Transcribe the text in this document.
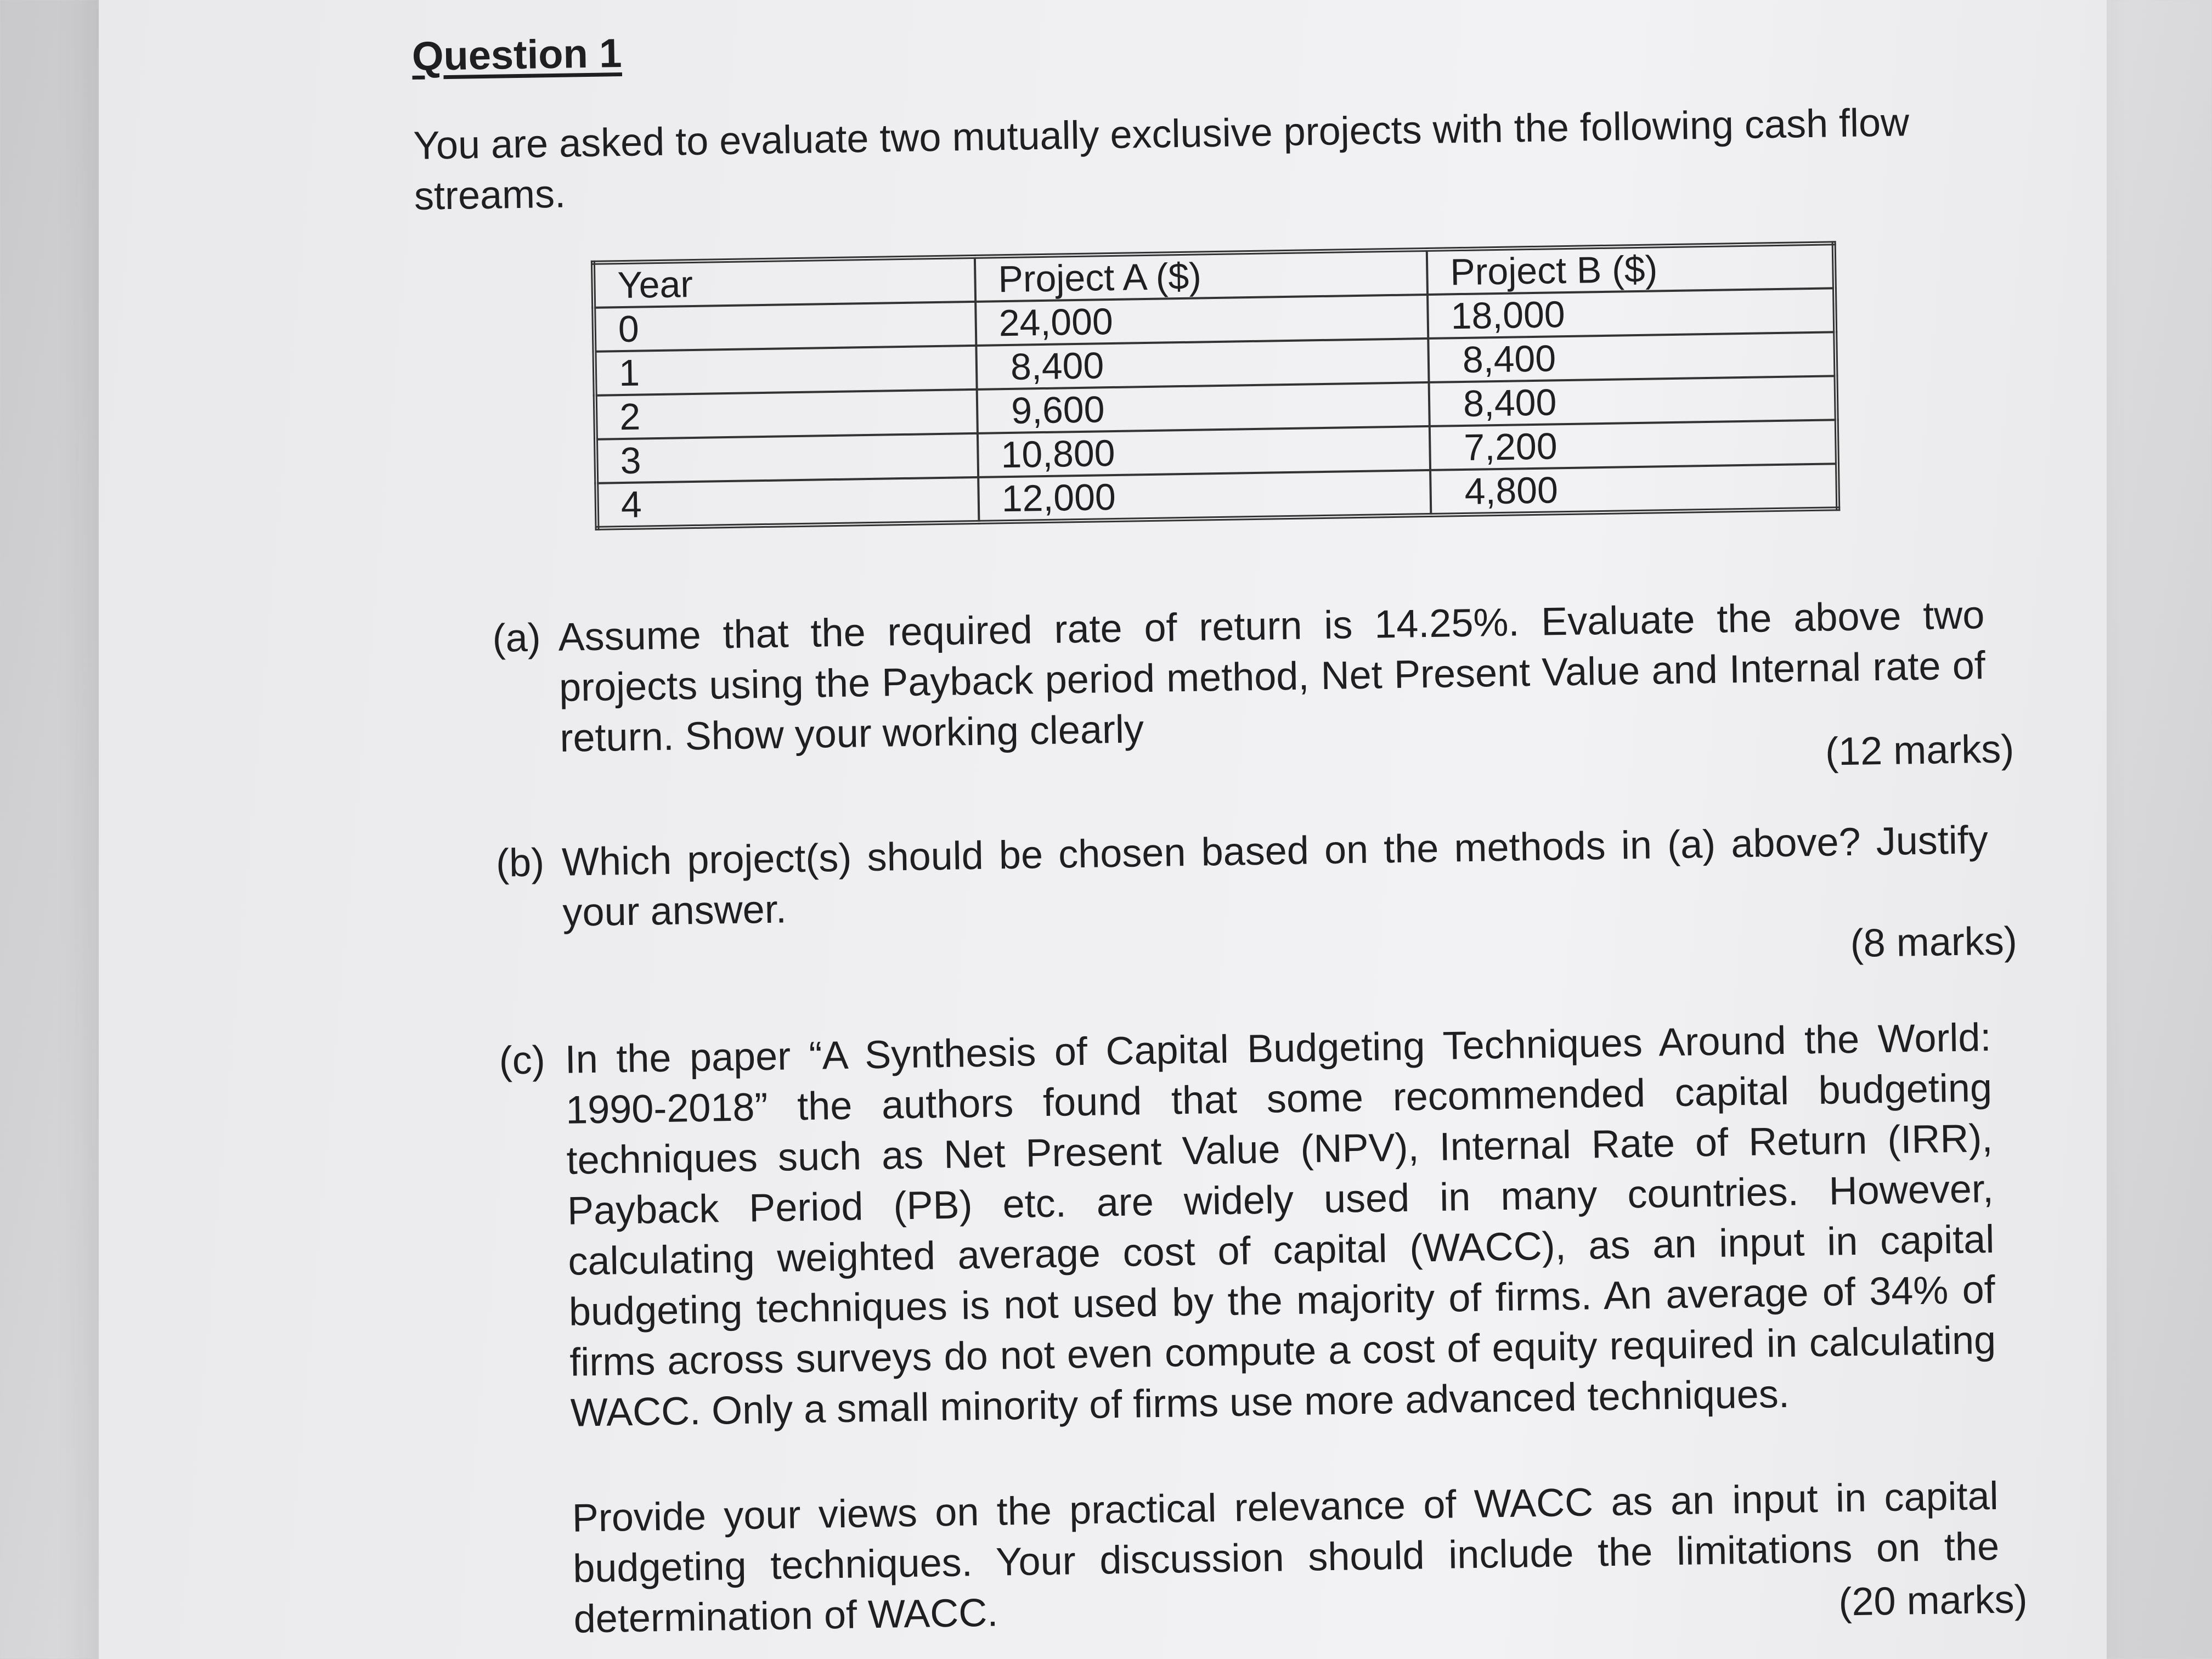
Question 1

You are asked to evaluate two mutually exclusive projects with the following cash flow streams.

Year	Project A ($)	Project B ($)
0	24,000	18,000
1	8,400	8,400
2	9,600	8,400
3	10,800	7,200
4	12,000	4,800
(a) Assume that the required rate of return is 14.25%. Evaluate the above two projects using the Payback period method, Net Present Value and Internal rate of return. Show your working clearly	(12 marks)
(b) Which project(s) should be chosen based on the methods in (a) above? Justify your answer.

(8 marks)
(c) In the paper “A Synthesis of Capital Budgeting Techniques Around the World: 1990-2018” the authors found that some recommended capital budgeting techniques such as Net Present Value (NPV), Internal Rate of Return (IRR), Payback Period (PB) etc. are widely used in many countries. However, calculating weighted average cost of capital (WACC), as an input in capital budgeting techniques is not used by the majority of firms. An average of 34% of firms across surveys do not even compute a cost of equity required in calculating WACC. Only a small minority of firms use more advanced techniques.

Provide your views on the practical relevance of WACC as an input in capital budgeting techniques. Your discussion should include the limitations on the determination of WACC.	(20 marks)
